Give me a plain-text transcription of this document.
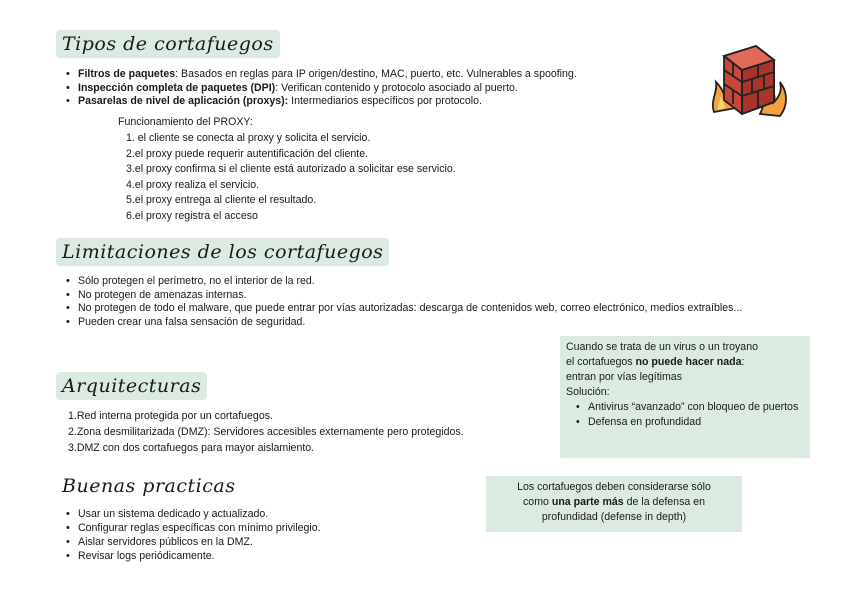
Tipos de cortafuegos
• Filtros de paquetes: Basados en reglas para IP origen/destino, MAC, puerto, etc. Vulnerables a spoofing.
• Inspección completa de paquetes (DPI): Verifican contenido y protocolo asociado al puerto.
• Pasarelas de nivel de aplicación (proxys): Intermediarios específicos por protocolo.
Funcionamiento del PROXY:
1. el cliente se conecta al proxy y solicita el servicio.
2.el proxy puede requerir autentificación del cliente.
3.el proxy confirma si el cliente está autorizado a solicitar ese servicio.
4.el proxy realiza el servicio.
5.el proxy entrega al cliente el resultado.
6.el proxy registra el acceso
Limitaciones de los cortafuegos
• Sólo protegen el perímetro, no el interior de la red.
• No protegen de amenazas internas.
• No protegen de todo el malware, que puede entrar por vías autorizadas: descarga de contenidos web, correo electrónico, medios extraíbles...
• Pueden crear una falsa sensación de seguridad.
Cuando se trata de un virus o un troyano
el cortafuegos no puede hacer nada:
entran por vías legítimas
Solución:
• Antivirus “avanzado” con bloqueo de puertos
• Defensa en profundidad
Arquitecturas
1.Red interna protegida por un cortafuegos.
2.Zona desmilitarizada (DMZ): Servidores accesibles externamente pero protegidos.
3.DMZ con dos cortafuegos para mayor aislamiento.
Buenas practicas
• Usar un sistema dedicado y actualizado.
• Configurar reglas específicas con mínimo privilegio.
• Aislar servidores públicos en la DMZ.
• Revisar logs periódicamente.
Los cortafuegos deben considerarse sólo
como una parte más de la defensa en
profundidad (defense in depth)
